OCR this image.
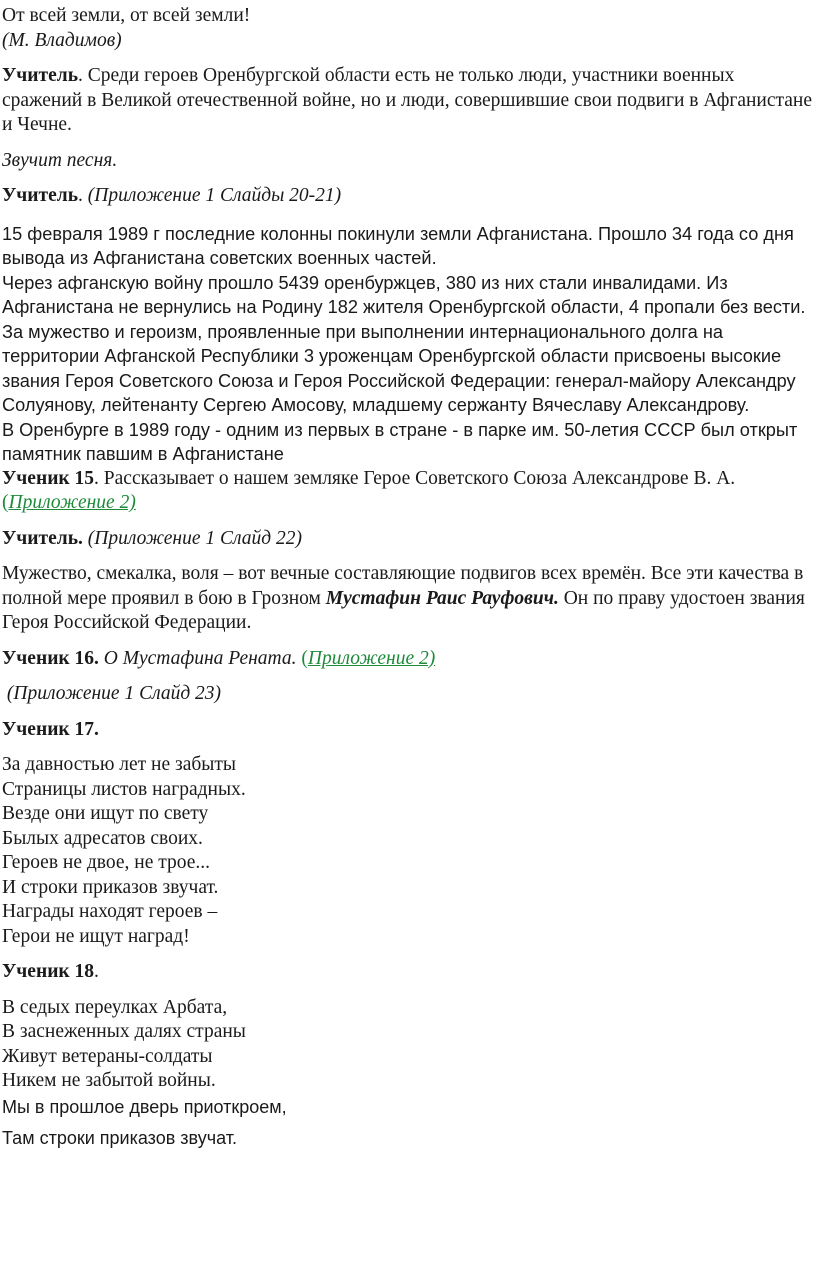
От всей земли, от всей земли!

(М. Владимов)

Учитель. Среди героев Оренбургской области есть не только люди, участники военных сражений в Великой отечественной войне, но и люди, совершившие свои подвиги в Афганистане и Чечне.

Звучит песня.

Учитель. (Приложение 1 Слайды 20-21)

15 февраля 1989 г последние колонны покинули земли Афганистана. Прошло 34 года со дня вывода из Афганистана советских военных частей.

Через афганскую войну прошло 5439 оренбуржцев, 380 из них стали инвалидами. Из Афганистана не вернулись на Родину 182 жителя Оренбургской области, 4 пропали без вести.

За мужество и героизм, проявленные при выполнении интернационального долга на территории Афганской Республики 3 уроженцам Оренбургской области присвоены высокие звания Героя Советского Союза и Героя Российской Федерации: генерал-майору Александру Солуянову, лейтенанту Сергею Амосову, младшему сержанту Вячеславу Александрову.

В Оренбурге в 1989 году - одним из первых в стране - в парке им. 50-летия СССР был открыт памятник павшим в Афганистане

Ученик 15. Рассказывает о нашем земляке Герое Советского Союза Александрове В. А. (Приложение 2)

Учитель. (Приложение 1 Слайд 22)

Мужество, смекалка, воля – вот вечные составляющие подвигов всех времён. Все эти качества в полной мере проявил в бою в Грозном Мустафин Раис Рауфович. Он по праву удостоен звания Героя Российской Федерации.

Ученик 16. О Мустафина Рената. (Приложение 2)

(Приложение 1 Слайд 23)

Ученик 17.

За давностью лет не забыты
Страницы листов наградных.
Везде они ищут по свету
Былых адресатов своих.
Героев не двое, не трое...
И строки приказов звучат.
Награды находят героев –
Герои не ищут наград!

Ученик 18.

В седых переулках Арбата,
В заснеженных далях страны
Живут ветераны-солдаты
Никем не забытой войны.
Мы в прошлое дверь приоткроем,
Там строки приказов звучат.
